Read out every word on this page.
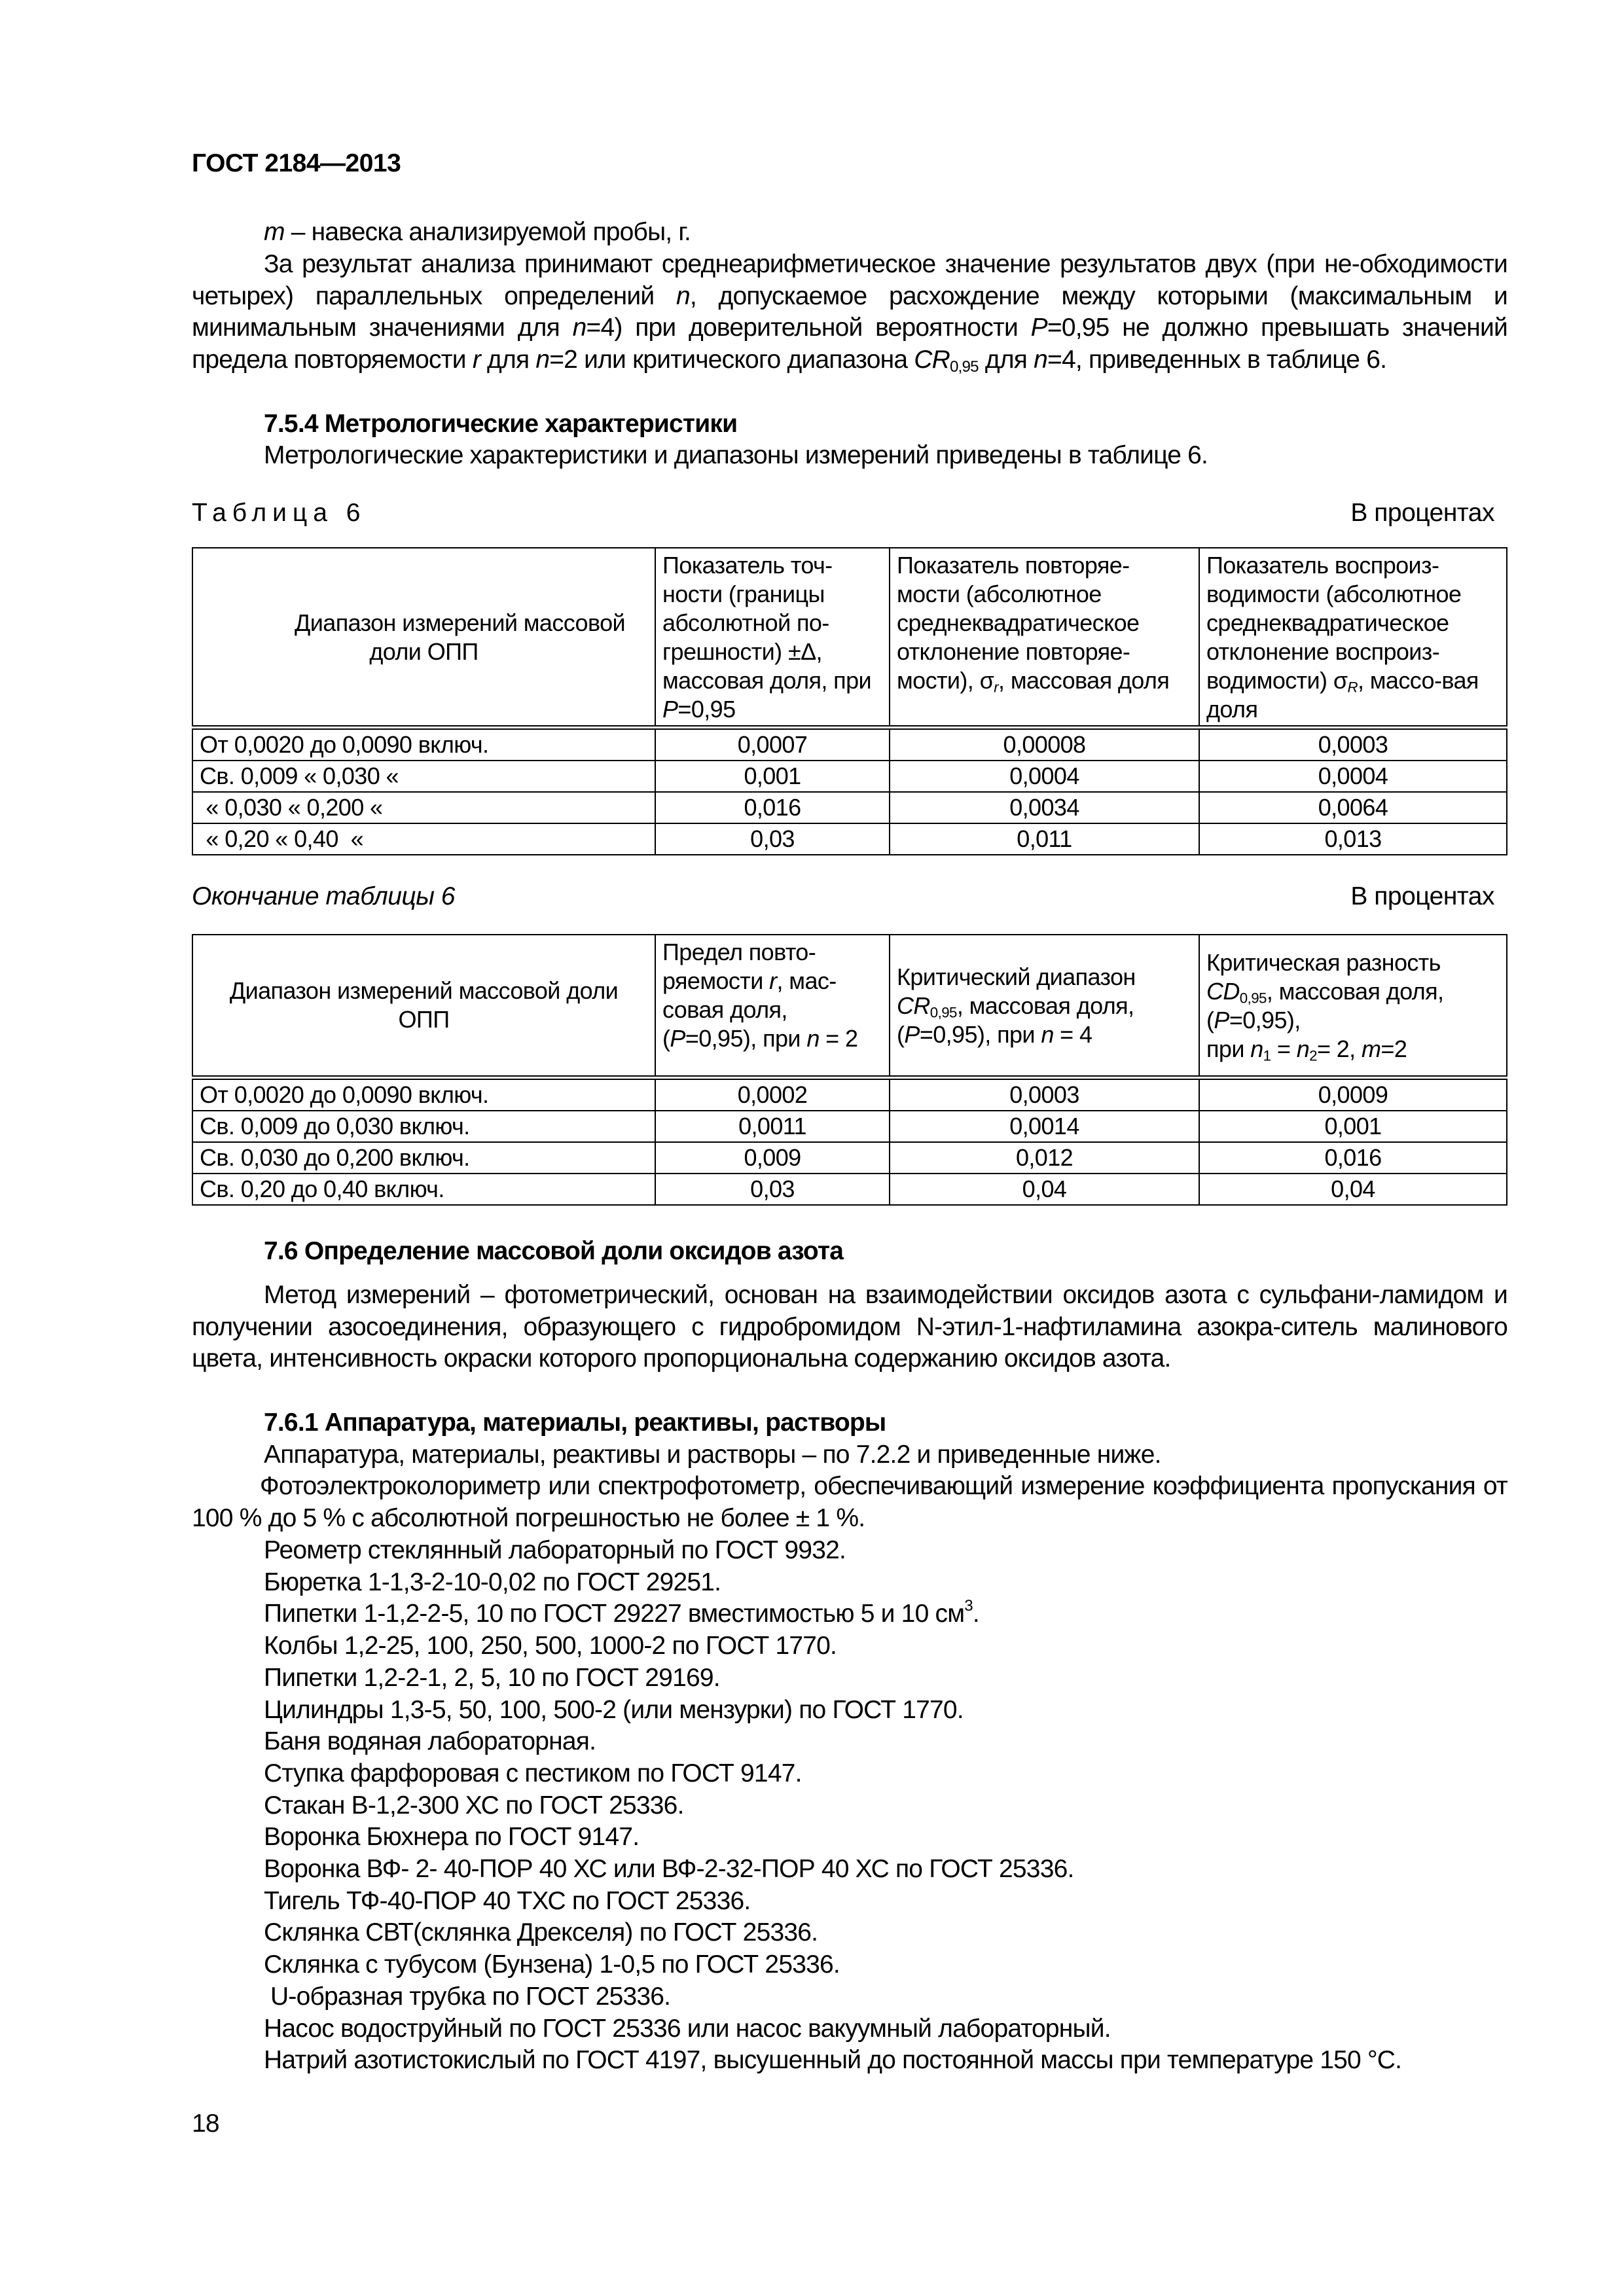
ГОСТ 2184—2013
m – навеска анализируемой пробы, г.
За результат анализа принимают среднеарифметическое значение результатов двух (при не-обходимости четырех) параллельных определений n, допускаемое расхождение между которыми (максимальным и минимальным значениями для n=4) при доверительной вероятности P=0,95 не должно превышать значений предела повторяемости r для n=2 или критического диапазона $CR_{0,95}$ для n=4, приведенных в таблице 6.
7.5.4 Метрологические характеристики
Метрологические характеристики и диапазоны измерений приведены в таблице 6.
Таблица 6	В процентах
Диапазон измерений массовой
доли ОПП	Показатель точ-ности (границы абсолютной по-грешности) ±Δ, массовая доля, при P=0,95	Показатель повторяе-мости (абсолютное среднеквадратическое отклонение повторяе-мости), $\sigma_r$, массовая доля	Показатель воспроиз-водимости (абсолютное среднеквадратическое отклонение воспроиз-водимости) $\sigma_R$, массо-вая доля
От 0,0020 до 0,0090 включ.	0,0007	0,00008	0,0003
Св. 0,009 « 0,030 «	0,001	0,0004	0,0004
« 0,030 « 0,200 «	0,016	0,0034	0,0064
« 0,20 « 0,40  «	0,03	0,011	0,013
Окончание таблицы 6	В процентах
Диапазон измерений массовой доли ОПП	Предел повто-ряемости r, мас-совая доля, (P=0,95), при n = 2	Критический диапазон $CR_{0,95}$, массовая доля, (P=0,95), при n = 4	Критическая разность $CD_{0,95}$, массовая доля, (P=0,95),
при $n_1 = n_2= 2$, m=2
От 0,0020 до 0,0090 включ.	0,0002	0,0003	0,0009
Св. 0,009 до 0,030 включ.	0,0011	0,0014	0,001
Св. 0,030 до 0,200 включ.	0,009	0,012	0,016
Св. 0,20 до 0,40 включ.	0,03	0,04	0,04
7.6 Определение массовой доли оксидов азота
Метод измерений – фотометрический, основан на взаимодействии оксидов азота с сульфани-ламидом и получении азосоединения, образующего с гидробромидом N-этил-1-нафтиламина азокра-ситель малинового цвета, интенсивность окраски которого пропорциональна содержанию оксидов азота.
7.6.1 Аппаратура, материалы, реактивы, растворы
Аппаратура, материалы, реактивы и растворы – по 7.2.2 и приведенные ниже.
Фотоэлектроколориметр или спектрофотометр, обеспечивающий измерение коэффициента пропускания от 100 % до 5 % с абсолютной погрешностью не более ± 1 %.
Реометр стеклянный лабораторный по ГОСТ 9932.
Бюретка 1-1,3-2-10-0,02 по ГОСТ 29251.
Пипетки 1-1,2-2-5, 10 по ГОСТ 29227 вместимостью 5 и 10 $см^3$.
Колбы 1,2-25, 100, 250, 500, 1000-2 по ГОСТ 1770.
Пипетки 1,2-2-1, 2, 5, 10 по ГОСТ 29169.
Цилиндры 1,3-5, 50, 100, 500-2 (или мензурки) по ГОСТ 1770.
Баня водяная лабораторная.
Ступка фарфоровая с пестиком по ГОСТ 9147.
Стакан В-1,2-300 ХС по ГОСТ 25336.
Воронка Бюхнера по ГОСТ 9147.
Воронка ВФ- 2- 40-ПОР 40 ХС или ВФ-2-32-ПОР 40 ХС по ГОСТ 25336.
Тигель ТФ-40-ПОР 40 ТХС по ГОСТ 25336.
Склянка СВТ(склянка Дрекселя) по ГОСТ 25336.
Склянка с тубусом (Бунзена) 1-0,5 по ГОСТ 25336.
U-образная трубка по ГОСТ 25336.
Насос водоструйный по ГОСТ 25336 или насос вакуумный лабораторный.
Натрий азотистокислый по ГОСТ 4197, высушенный до постоянной массы при температуре 150 °С.
18
